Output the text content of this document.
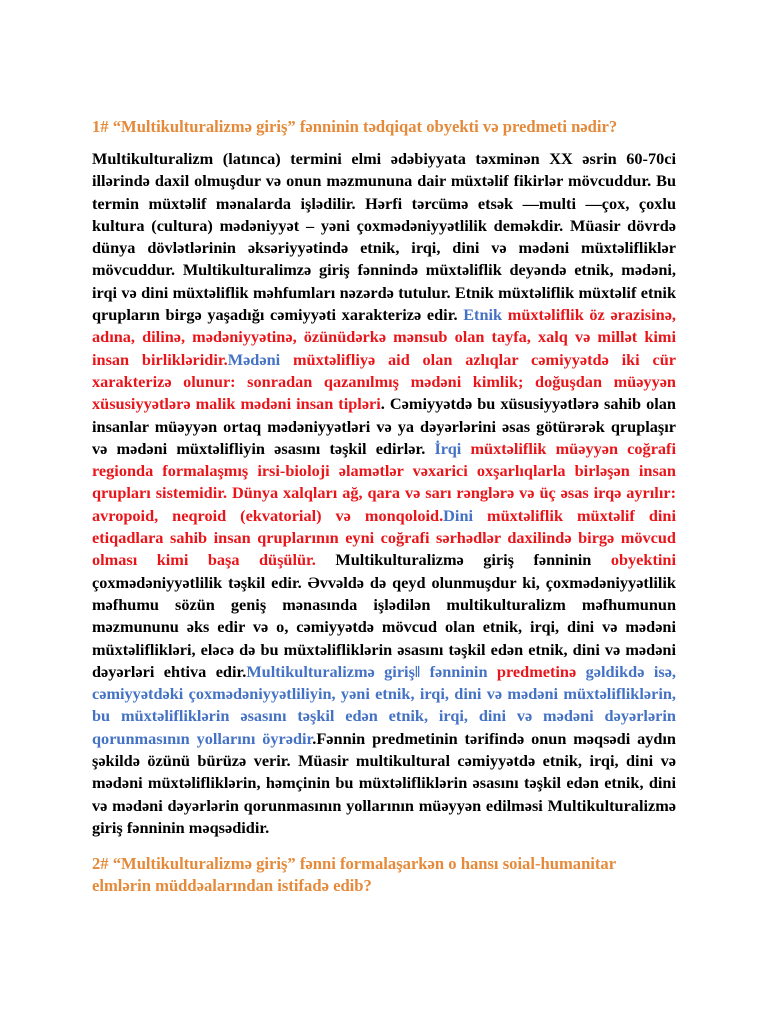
1# “Multikulturalizmə giriş” fənninin tədqiqat obyekti və predmeti nədir?

Multikulturalizm (latınca) termini elmi ədəbiyyata təxminən XX əsrin 60-70ci illərində daxil olmuşdur və onun məzmununa dair müxtəlif fikirlər mövcuddur. Bu termin müxtəlif mənalarda işlədilir. Hərfi tərcümə etsək ―multi ―çox, çoxlu kultura (cultura) mədəniyyət – yəni çoxmədəniyyətlilik deməkdir. Müasir dövrdə dünya dövlətlərinin əksəriyyətində etnik, irqi, dini və mədəni müxtəlifliklər mövcuddur. Multikulturalimzə giriş fənnində müxtəliflik deyəndə etnik, mədəni, irqi və dini müxtəliflik məhfumları nəzərdə tutulur. Etnik müxtəliflik müxtəlif etnik qrupların birgə yaşadığı cəmiyyəti xarakterizə edir. Etnik müxtəliflik öz ərazisinə, adına, dilinə, mədəniyyətinə, özünüdərkə mənsub olan tayfa, xalq və millət kimi insan birlikləridir.Mədəni müxtəlifliyə aid olan azlıqlar cəmiyyətdə iki cür xarakterizə olunur: sonradan qazanılmış mədəni kimlik; doğuşdan müəyyən xüsusiyyətlərə malik mədəni insan tipləri. Cəmiyyətdə bu xüsusiyyətlərə sahib olan insanlar müəyyən ortaq mədəniyyətləri və ya dəyərlərini əsas götürərək qruplaşır və mədəni müxtəlifliyin əsasını təşkil edirlər. İrqi müxtəliflik müəyyən coğrafi regionda formalaşmış irsi-bioloji əlamətlər vəxarici oxşarlıqlarla birləşən insan qrupları sistemidir. Dünya xalqları ağ, qara və sarı rənglərə və üç əsas irqə ayrılır: avropoid, neqroid (ekvatorial) və monqoloid.Dini müxtəliflik müxtəlif dini etiqadlara sahib insan qruplarının eyni coğrafi sərhədlər daxilində birgə mövcud olması kimi başa düşülür. Multikulturalizmə giriş fənninin obyektini çoxmədəniyyətlilik təşkil edir. Əvvəldə də qeyd olunmuşdur ki, çoxmədəniyyətlilik məfhumu sözün geniş mənasında işlədilən multikulturalizm məfhumunun məzmununu əks edir və o, cəmiyyətdə mövcud olan etnik, irqi, dini və mədəni müxtəliflikləri, eləcə də bu müxtəlifliklərin əsasını təşkil edən etnik, dini və mədəni dəyərləri ehtiva edir.Multikulturalizmə girişǁ fənninin predmetinə gəldikdə isə, cəmiyyətdəki çoxmədəniyyətliliyin, yəni etnik, irqi, dini və mədəni müxtəlifliklərin, bu müxtəlifliklərin əsasını təşkil edən etnik, irqi, dini və mədəni dəyərlərin qorunmasının yollarını öyrədir.Fənnin predmetinin tərifində onun məqsədi aydın şəkildə özünü bürüzə verir. Müasir multikultural cəmiyyətdə etnik, irqi, dini və mədəni müxtəlifliklərin, həmçinin bu müxtəlifliklərin əsasını təşkil edən etnik, dini və mədəni dəyərlərin qorunmasının yollarının müəyyən edilməsi Multikulturalizmə giriş fənninin məqsədidir.

2# “Multikulturalizmə giriş” fənni formalaşarkən o hansı soial-humanitar elmlərin müddəalarından istifadə edib?
